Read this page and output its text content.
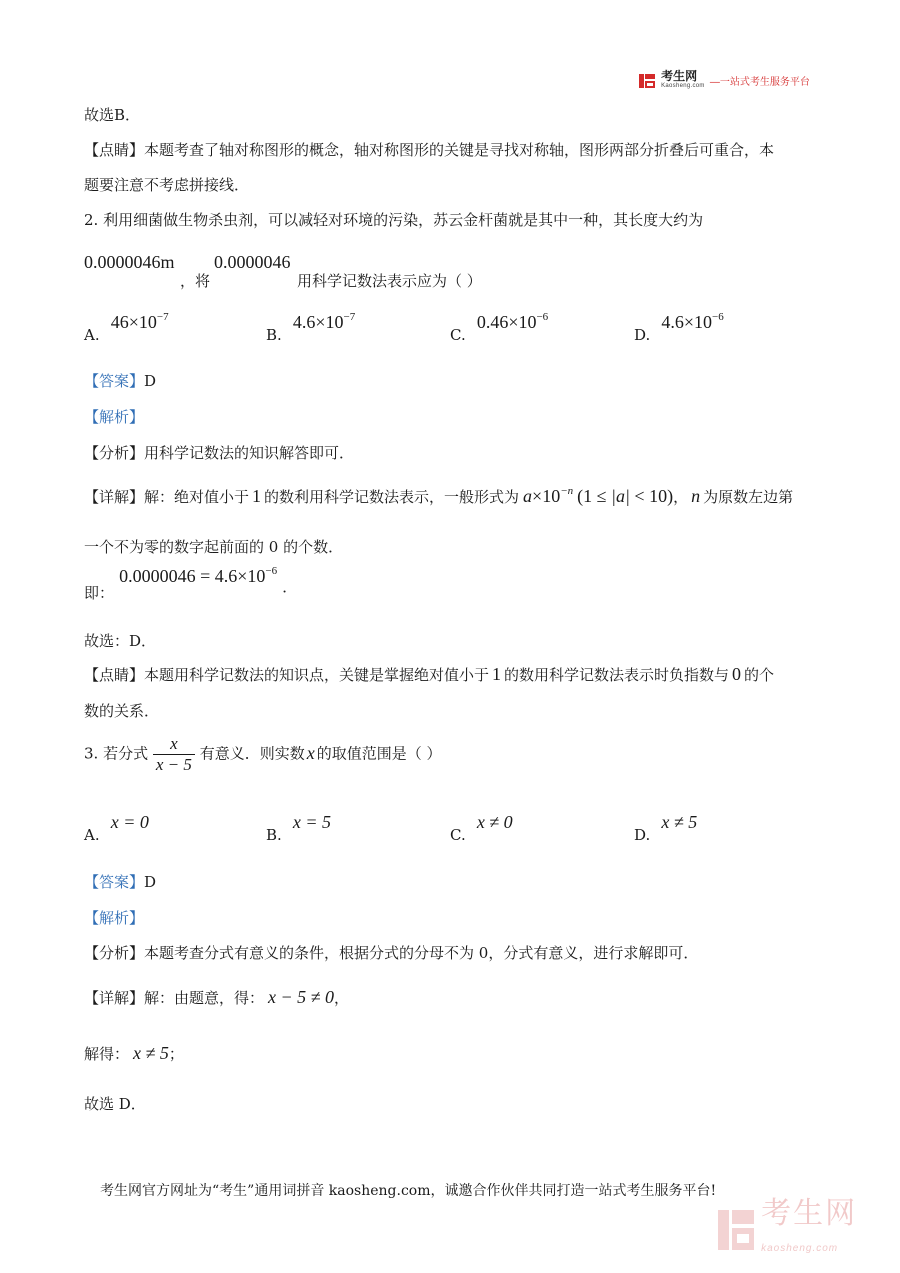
考生网
Kaosheng.com —一站式考生服务平台
故选B．
【点睛】本题考查了轴对称图形的概念，轴对称图形的关键是寻找对称轴，图形两部分折叠后可重合，本
题要注意不考虑拼接线．
2. 利用细菌做生物杀虫剂，可以减轻对环境的污染，苏云金杆菌就是其中一种，其长度大约为
0.0000046m
，将
0.0000046
用科学记数法表示应为（ ）
A. $46\times 10^{-7}$
B. $4.6\times 10^{-7}$
C. $0.46\times 10^{-6}$
D. $4.6\times 10^{-6}$
【答案】D
【解析】
【分析】用科学记数法的知识解答即可．
【详解】解：绝对值小于 1 的数利用科学记数法表示，一般形式为 $a\times 10^{-n}$ (1 ≤ |a| < 10)， n 为原数左边第
一个不为零的数字起前面的 0 的个数．
即： $0.0000046 = 4.6\times 10^{-6}$ ．
故选：D．
【点睛】本题用科学记数法的知识点，关键是掌握绝对值小于 1 的数用科学记数法表示时负指数与 0 的个
数的关系．
3. 若分式 $\frac{x}{x - 5}$ 有意义．则实数 x 的取值范围是（ ）
A. x = 0
B. x = 5
C. x ≠ 0
D. x ≠ 5
【答案】D
【解析】
【分析】本题考查分式有意义的条件，根据分式的分母不为 0，分式有意义，进行求解即可．
【详解】解：由题意，得： x − 5 ≠ 0，
解得： x ≠ 5；
故选 D．
考生网官方网址为“考生”通用词拼音 kaosheng.com，诚邀合作伙伴共同打造一站式考生服务平台!
考生网
kaosheng.com
